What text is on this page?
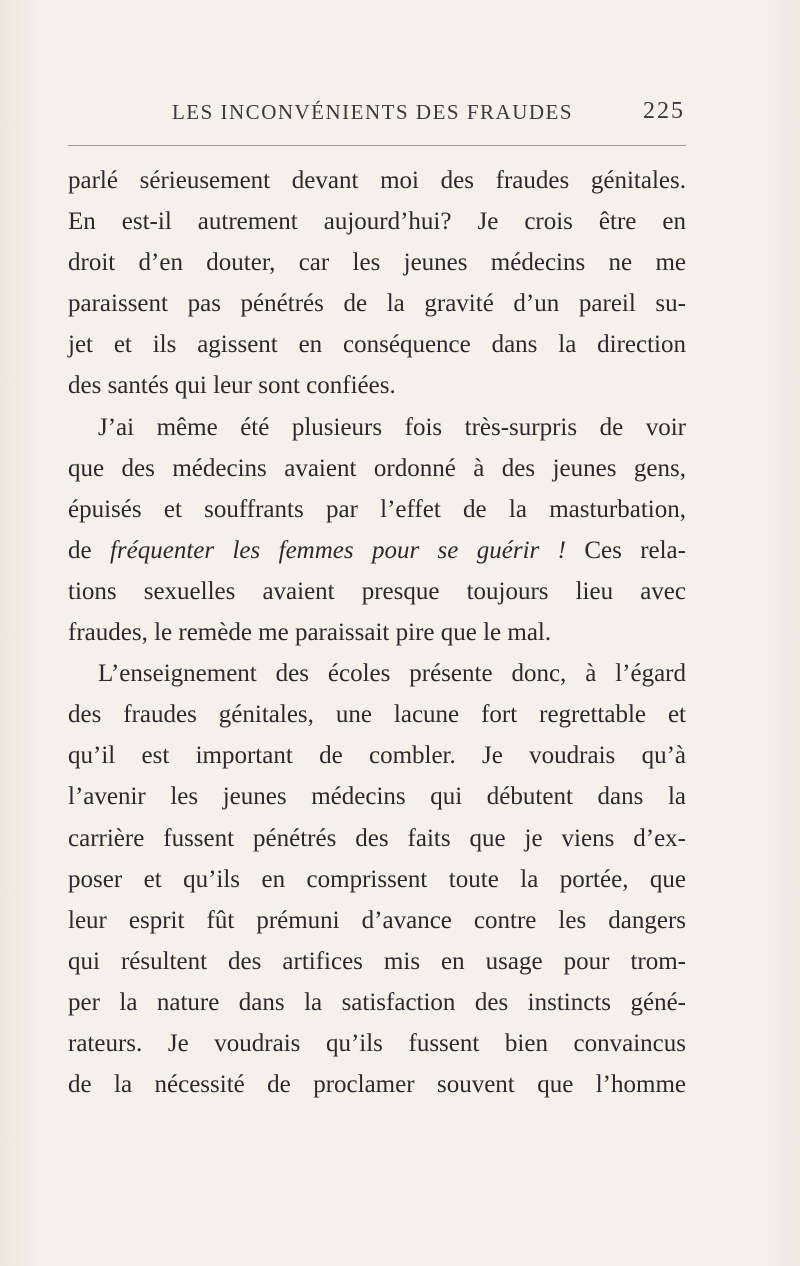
LES INCONVÉNIENTS DES FRAUDES	225
parlé sérieusement devant moi des fraudes génitales.
En est-il autrement aujourd’hui? Je crois être en
droit d’en douter, car les jeunes médecins ne me
paraissent pas pénétrés de la gravité d’un pareil su-
jet et ils agissent en conséquence dans la direction
des santés qui leur sont confiées.
J’ai même été plusieurs fois très-surpris de voir
que des médecins avaient ordonné à des jeunes gens,
épuisés et souffrants par l’effet de la masturbation,
de fréquenter les femmes pour se guérir ! Ces rela-
tions sexuelles avaient presque toujours lieu avec
fraudes, le remède me paraissait pire que le mal.
L’enseignement des écoles présente donc, à l’égard
des fraudes génitales, une lacune fort regrettable et
qu’il est important de combler. Je voudrais qu’à
l’avenir les jeunes médecins qui débutent dans la
carrière fussent pénétrés des faits que je viens d’ex-
poser et qu’ils en comprissent toute la portée, que
leur esprit fût prémuni d’avance contre les dangers
qui résultent des artifices mis en usage pour trom-
per la nature dans la satisfaction des instincts géné-
rateurs. Je voudrais qu’ils fussent bien convaincus
de la nécessité de proclamer souvent que l’homme
